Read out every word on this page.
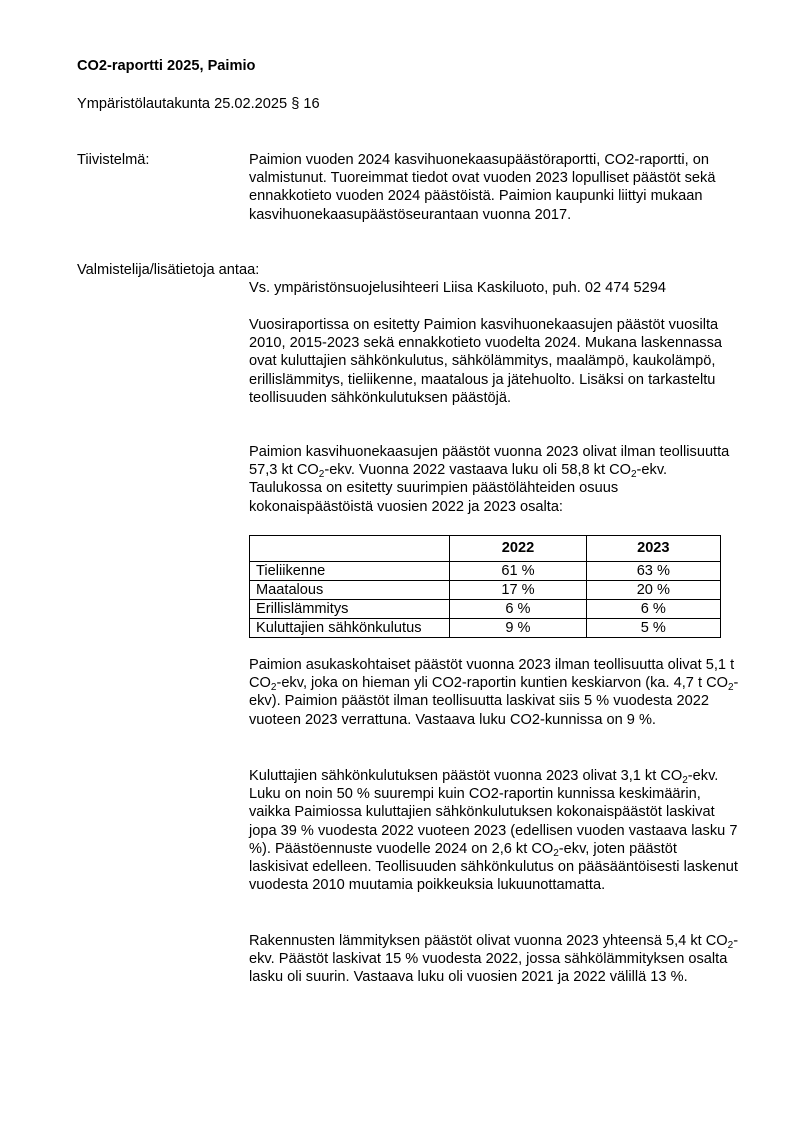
CO2-raportti 2025, Paimio
Ympäristölautakunta 25.02.2025 § 16
Tiivistelmä:	Paimion vuoden 2024 kasvihuonekaasupäästöraportti, CO2-raportti, on valmistunut. Tuoreimmat tiedot ovat vuoden 2023 lopulliset päästöt sekä ennakkotieto vuoden 2024 päästöistä. Paimion kaupunki liittyi mukaan kasvihuonekaasupäästöseurantaan vuonna 2017.
Valmistelija/lisätietoja antaa:
Vs. ympäristönsuojelusihteeri Liisa Kaskiluoto, puh. 02 474 5294

Vuosiraportissa on esitetty Paimion kasvihuonekaasujen päästöt vuosilta 2010, 2015-2023 sekä ennakkotieto vuodelta 2024. Mukana laskennassa ovat kuluttajien sähkönkulutus, sähkölämmitys, maalämpö, kaukolämpö, erillislämmitys, tieliikenne, maatalous ja jätehuolto. Lisäksi on tarkasteltu teollisuuden sähkönkulutuksen päästöjä.

Paimion kasvihuonekaasujen päästöt vuonna 2023 olivat ilman teollisuutta 57,3 kt $CO_2$-ekv. Vuonna 2022 vastaava luku oli 58,8 kt $CO_2$-ekv. Taulukossa on esitetty suurimpien päästölähteiden osuus kokonaispäästöistä vuosien 2022 ja 2023 osalta:

	2022	2023
Tieliikenne	61 %	63 %
Maatalous	17 %	20 %
Erillislämmitys	6 %	6 %
Kuluttajien sähkönkulutus	9 %	5 %

Paimion asukaskohtaiset päästöt vuonna 2023 ilman teollisuutta olivat 5,1 t $CO_2$-ekv, joka on hieman yli CO2-raportin kuntien keskiarvon (ka. 4,7 t $CO_2-ekv$). Paimion päästöt ilman teollisuutta laskivat siis 5 % vuodesta 2022 vuoteen 2023 verrattuna. Vastaava luku CO2-kunnissa on 9 %.

Kuluttajien sähkönkulutuksen päästöt vuonna 2023 olivat 3,1 kt $CO_2$-ekv. Luku on noin 50 % suurempi kuin CO2-raportin kunnissa keskimäärin, vaikka Paimiossa kuluttajien sähkönkulutuksen kokonaispäästöt laskivat jopa 39 % vuodesta 2022 vuoteen 2023 (edellisen vuoden vastaava lasku 7 %). Päästöennuste vuodelle 2024 on 2,6 kt $CO_2$-ekv, joten päästöt laskisivat edelleen. Teollisuuden sähkönkulutus on pääsääntöisesti laskenut vuodesta 2010 muutamia poikkeuksia lukuunottamatta.

Rakennusten lämmityksen päästöt olivat vuonna 2023 yhteensä 5,4 kt $CO_2$-ekv. Päästöt laskivat 15 % vuodesta 2022, jossa sähkölämmityksen osalta lasku oli suurin. Vastaava luku oli vuosien 2021 ja 2022 välillä 13 %.
